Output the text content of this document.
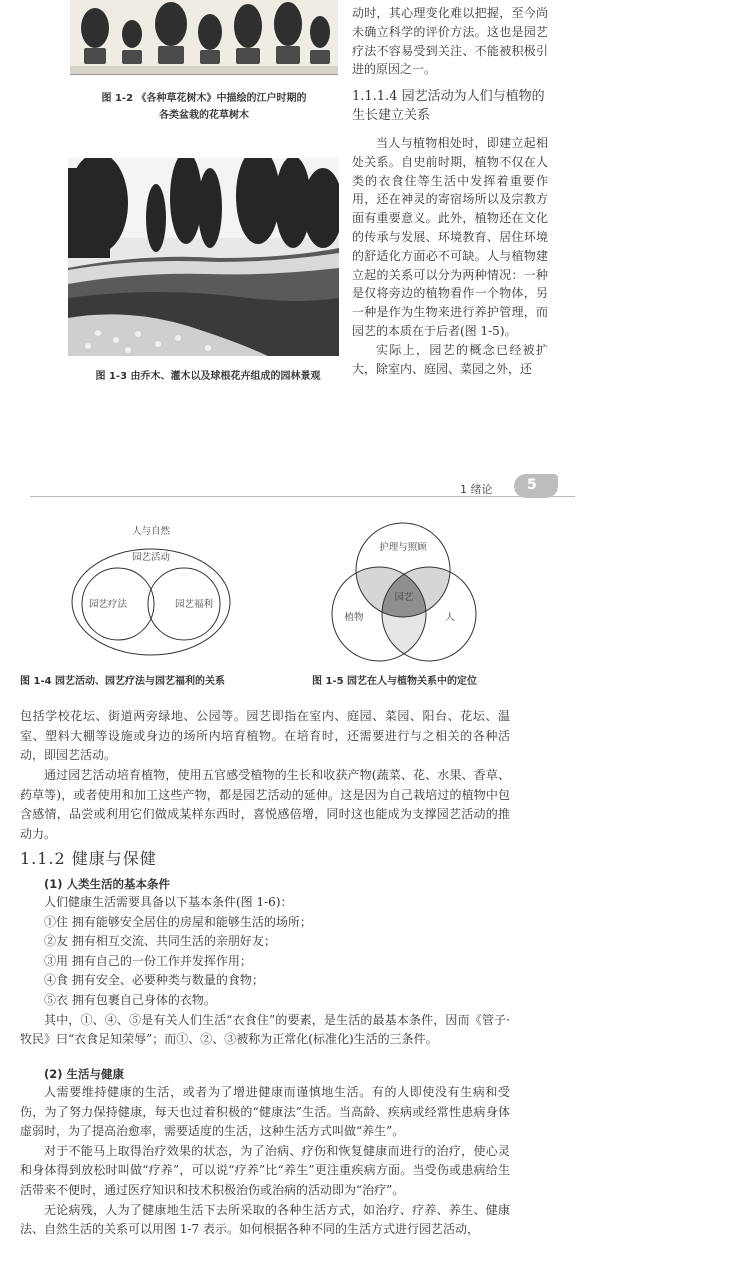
图 1-2 《各种草花树木》中描绘的江户时期的
各类盆栽的花草树木
图 1-3 由乔木、灌木以及球根花卉组成的园林景观

动时，其心理变化难以把握，至今尚未确立科学的评价方法。这也是园艺疗法不容易受到关注、不能被积极引进的原因之一。

1.1.1.4 园艺活动为人们与植物的生长建立关系

当人与植物相处时，即建立起相处关系。自史前时期，植物不仅在人类的衣食住等生活中发挥着重要作用，还在神灵的寄宿场所以及宗教方面有重要意义。此外，植物还在文化的传承与发展、环境教育、居住环境的舒适化方面必不可缺。人与植物建立起的关系可以分为两种情况：一种是仅将旁边的植物看作一个物体，另一种是作为生物来进行养护管理，而园艺的本质在于后者(图 1-5)。

实际上，园艺的概念已经被扩大，除室内、庭园、菜园之外，还

1 绪论 5
人与自然
园艺活动
园艺疗法	园艺福利
图 1-4 园艺活动、园艺疗法与园艺福利的关系
护理与照顾
园艺
植物	人
图 1-5 园艺在人与植物关系中的定位

包括学校花坛、街道两旁绿地、公园等。园艺即指在室内、庭园、菜园、阳台、花坛、温室、塑料大棚等设施或身边的场所内培育植物。在培育时，还需要进行与之相关的各种活动，即园艺活动。

通过园艺活动培育植物，使用五官感受植物的生长和收获产物(蔬菜、花、水果、香草、药草等)，或者使用和加工这些产物，都是园艺活动的延伸。这是因为自己栽培过的植物中包含感情，品尝或利用它们做成某样东西时，喜悦感倍增，同时这也能成为支撑园艺活动的推动力。

1.1.2 健康与保健
(1) 人类生活的基本条件

人们健康生活需要具备以下基本条件(图 1-6)：

①住 拥有能够安全居住的房屋和能够生活的场所；

②友 拥有相互交流、共同生活的亲朋好友；

③用 拥有自己的一份工作并发挥作用；

④食 拥有安全、必要种类与数量的食物；

⑤衣 拥有包裹自己身体的衣物。

其中，①、④、⑤是有关人们生活“衣食住”的要素，是生活的最基本条件，因而《管子·牧民》曰“衣食足知荣辱”；而①、②、③被称为正常化(标准化)生活的三条件。

(2) 生活与健康

人需要维持健康的生活，或者为了增进健康而谨慎地生活。有的人即使没有生病和受伤，为了努力保持健康，每天也过着积极的“健康法”生活。当高龄、疾病或经常性患病身体虚弱时，为了提高治愈率，需要适度的生活，这种生活方式叫做“养生”。

对于不能马上取得治疗效果的状态，为了治病、疗伤和恢复健康而进行的治疗，使心灵和身体得到放松时叫做“疗养”，可以说“疗养”比“养生”更注重疾病方面。当受伤或患病给生活带来不便时，通过医疗知识和技术积极治伤或治病的活动即为“治疗”。

无论病残，人为了健康地生活下去所采取的各种生活方式，如治疗、疗养、养生、健康法、自然生活的关系可以用图 1-7 表示。如何根据各种不同的生活方式进行园艺活动，
